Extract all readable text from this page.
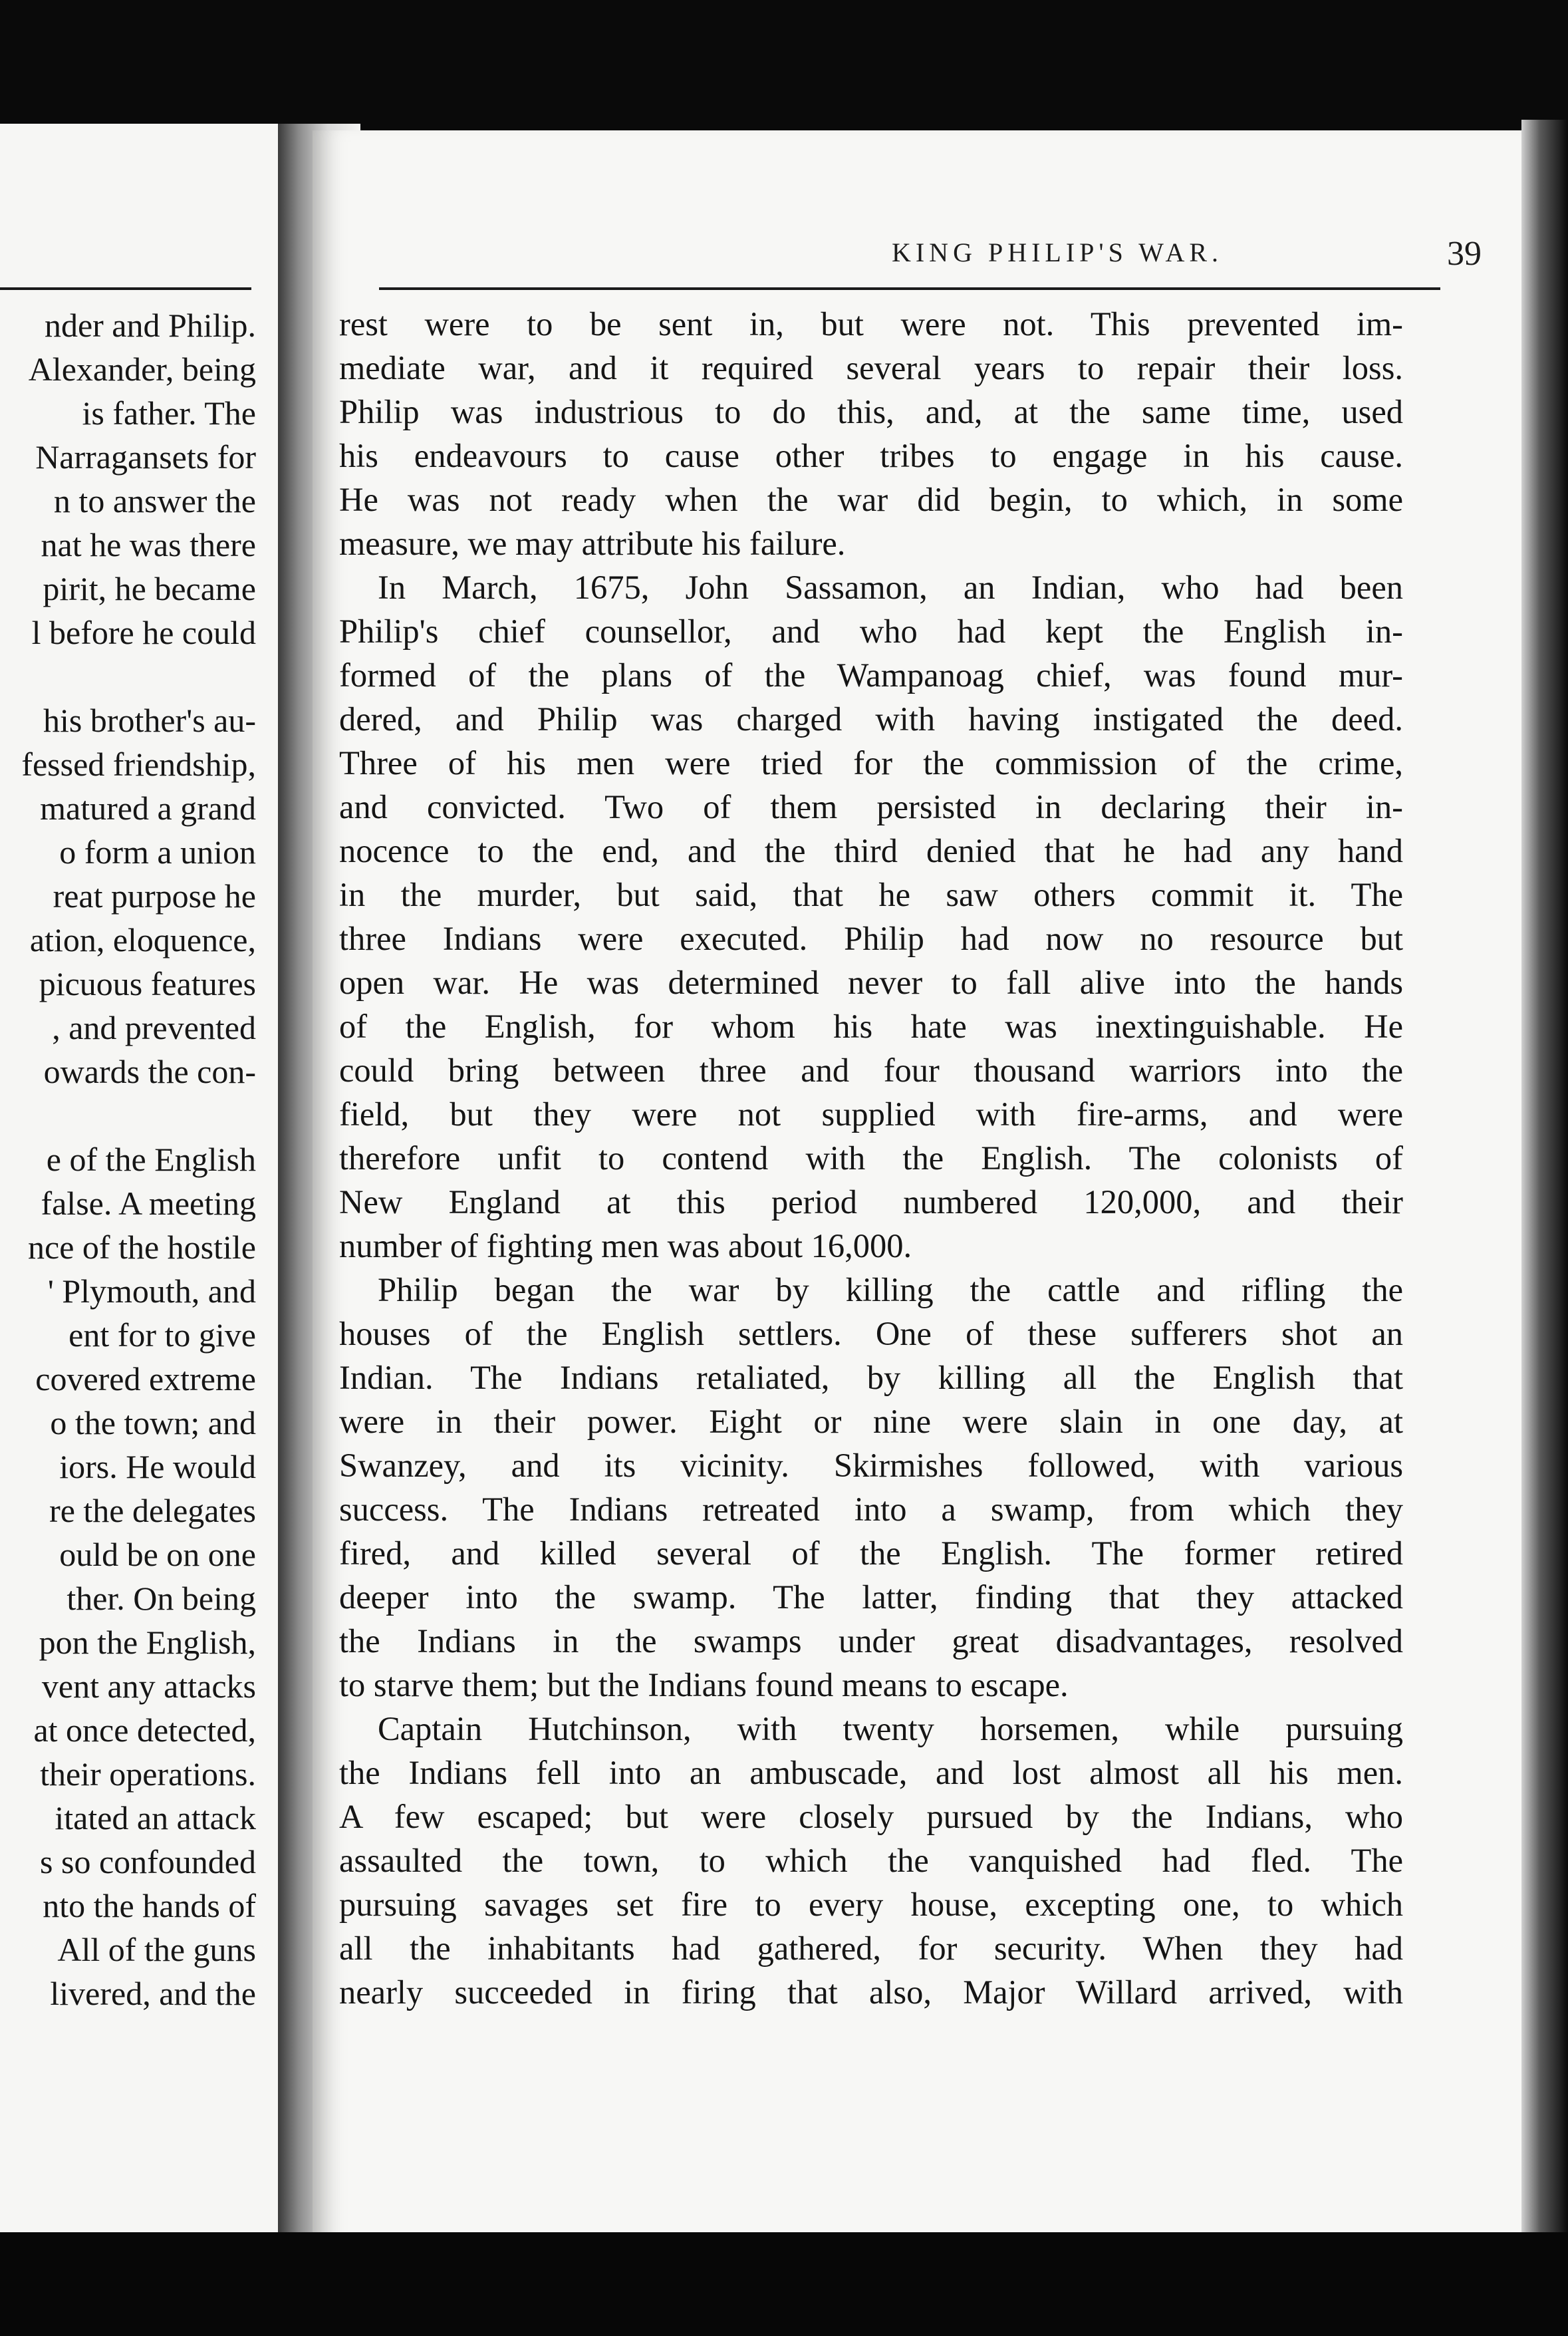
nder and Philip.
Alexander, being
is father. The
Narragansets for
n to answer the
nat he was there
pirit, he became
l before he could
his brother's au-
fessed friendship,
matured a grand
o form a union
reat purpose he
ation, eloquence,
picuous features
, and prevented
owards the con-
e of the English
false. A meeting
nce of the hostile
' Plymouth, and
ent for to give
covered extreme
o the town; and
iors. He would
re the delegates
ould be on one
ther. On being
pon the English,
vent any attacks
at once detected,
their operations.
itated an attack
s so confounded
nto the hands of
All of the guns
livered, and the
KING PHILIP'S WAR.	39
rest were to be sent in, but were not. This prevented im-
mediate war, and it required several years to repair their loss.
Philip was industrious to do this, and, at the same time, used
his endeavours to cause other tribes to engage in his cause.
He was not ready when the war did begin, to which, in some
measure, we may attribute his failure.
In March, 1675, John Sassamon, an Indian, who had been
Philip's chief counsellor, and who had kept the English in-
formed of the plans of the Wampanoag chief, was found mur-
dered, and Philip was charged with having instigated the deed.
Three of his men were tried for the commission of the crime,
and convicted. Two of them persisted in declaring their in-
nocence to the end, and the third denied that he had any hand
in the murder, but said, that he saw others commit it. The
three Indians were executed. Philip had now no resource but
open war. He was determined never to fall alive into the hands
of the English, for whom his hate was inextinguishable. He
could bring between three and four thousand warriors into the
field, but they were not supplied with fire-arms, and were
therefore unfit to contend with the English. The colonists of
New England at this period numbered 120,000, and their
number of fighting men was about 16,000.
Philip began the war by killing the cattle and rifling the
houses of the English settlers. One of these sufferers shot an
Indian. The Indians retaliated, by killing all the English that
were in their power. Eight or nine were slain in one day, at
Swanzey, and its vicinity. Skirmishes followed, with various
success. The Indians retreated into a swamp, from which they
fired, and killed several of the English. The former retired
deeper into the swamp. The latter, finding that they attacked
the Indians in the swamps under great disadvantages, resolved
to starve them; but the Indians found means to escape.
Captain Hutchinson, with twenty horsemen, while pursuing
the Indians fell into an ambuscade, and lost almost all his men.
A few escaped; but were closely pursued by the Indians, who
assaulted the town, to which the vanquished had fled. The
pursuing savages set fire to every house, excepting one, to which
all the inhabitants had gathered, for security. When they had
nearly succeeded in firing that also, Major Willard arrived, with
